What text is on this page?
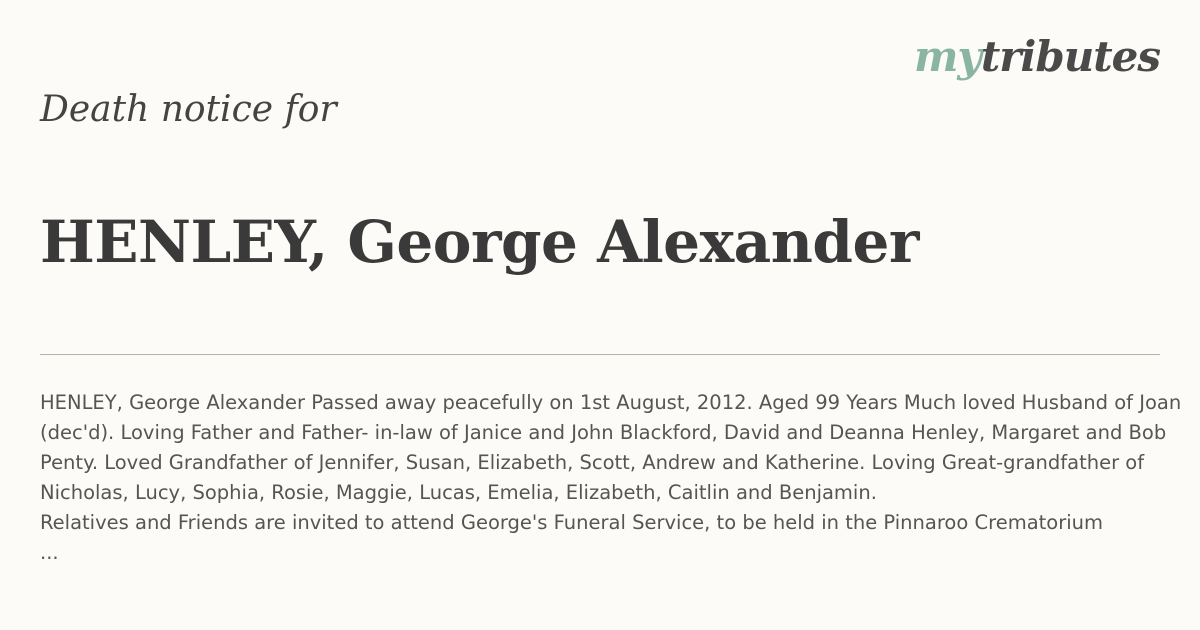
mytributes
Death notice for
HENLEY, George Alexander

HENLEY, George Alexander Passed away peacefully on 1st August, 2012. Aged 99 Years Much loved Husband of Joan (dec'd). Loving Father and Father- in-law of Janice and John Blackford, David and Deanna Henley, Margaret and Bob Penty. Loved Grandfather of Jennifer, Susan, Elizabeth, Scott, Andrew and Katherine. Loving Great-grandfather of Nicholas, Lucy, Sophia, Rosie, Maggie, Lucas, Emelia, Elizabeth, Caitlin and Benjamin.

Relatives and Friends are invited to attend George's Funeral Service, to be held in the Pinnaroo Crematorium

...
